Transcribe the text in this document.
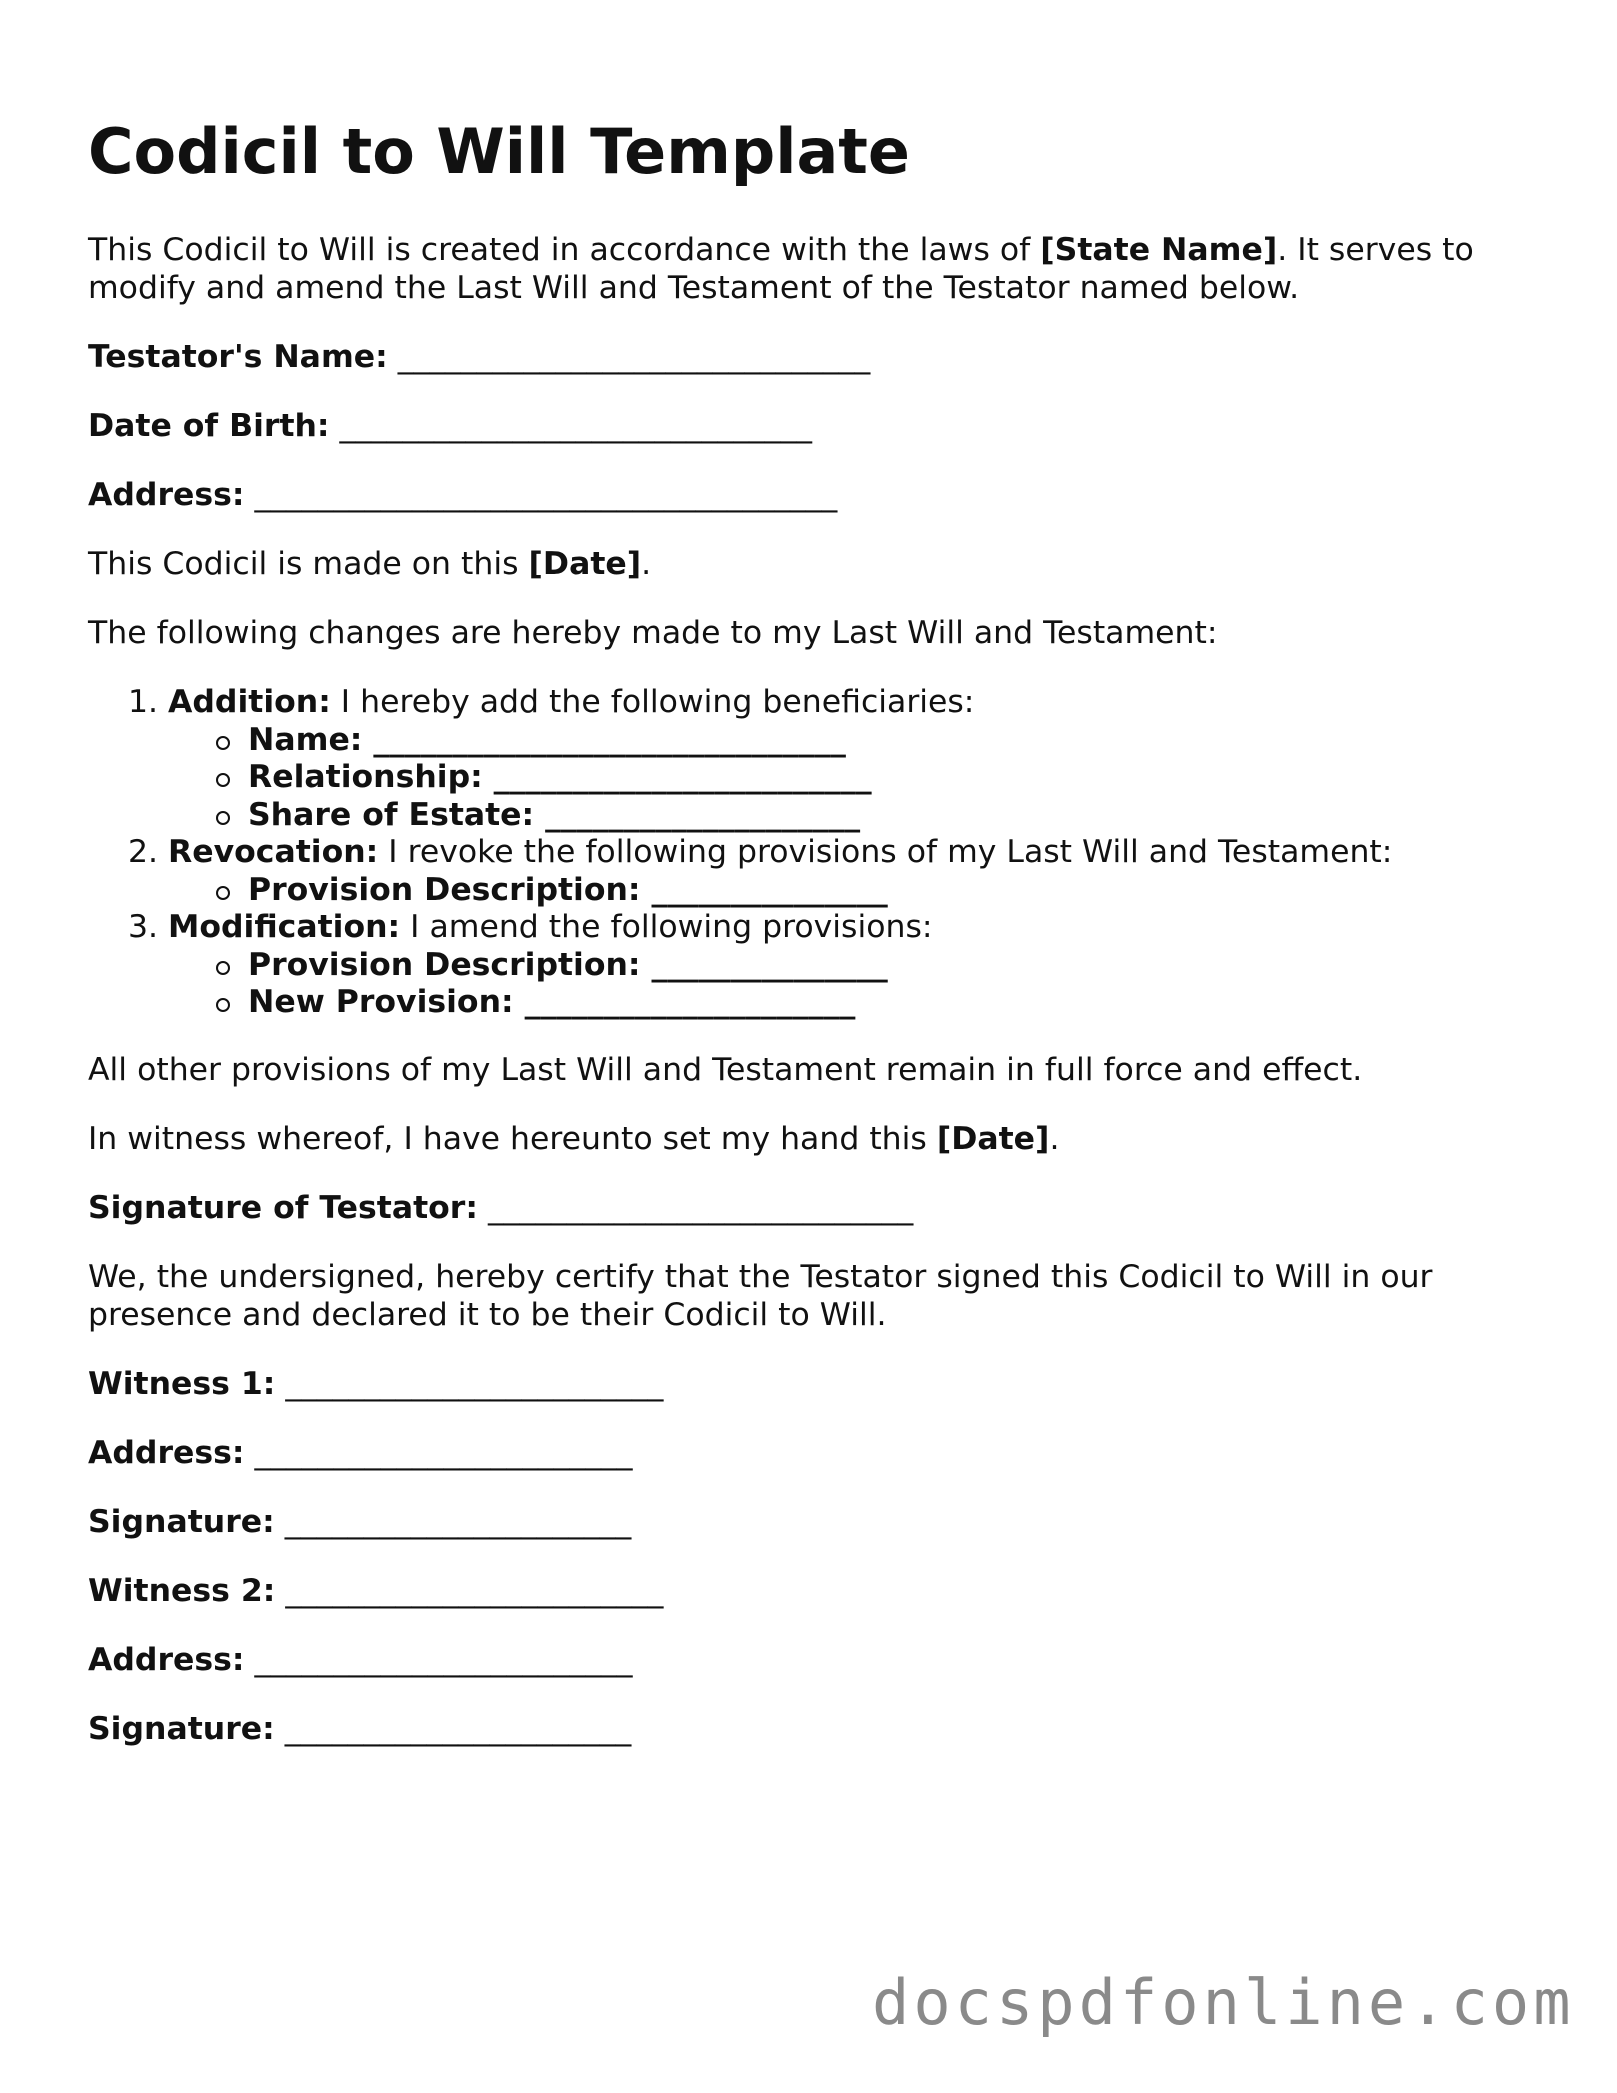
Codicil to Will Template

This Codicil to Will is created in accordance with the laws of [State Name]. It serves to

modify and amend the Last Will and Testament of the Testator named below.

Testator's Name: ______________________________

Date of Birth: ______________________________

Address: _____________________________________

This Codicil is made on this [Date].

The following changes are hereby made to my Last Will and Testament:

1. Addition: I hereby add the following beneficiaries:
Name: ______________________________
Relationship: ________________________
Share of Estate: ____________________
2. Revocation: I revoke the following provisions of my Last Will and Testament:
Provision Description: _______________
3. Modification: I amend the following provisions:
Provision Description: _______________
New Provision: _____________________

All other provisions of my Last Will and Testament remain in full force and effect.

In witness whereof, I have hereunto set my hand this [Date].

Signature of Testator: ___________________________

We, the undersigned, hereby certify that the Testator signed this Codicil to Will in our

presence and declared it to be their Codicil to Will.

Witness 1: ________________________

Address: ________________________

Signature: ______________________

Witness 2: ________________________

Address: ________________________

Signature: ______________________

docspdfonline.com
